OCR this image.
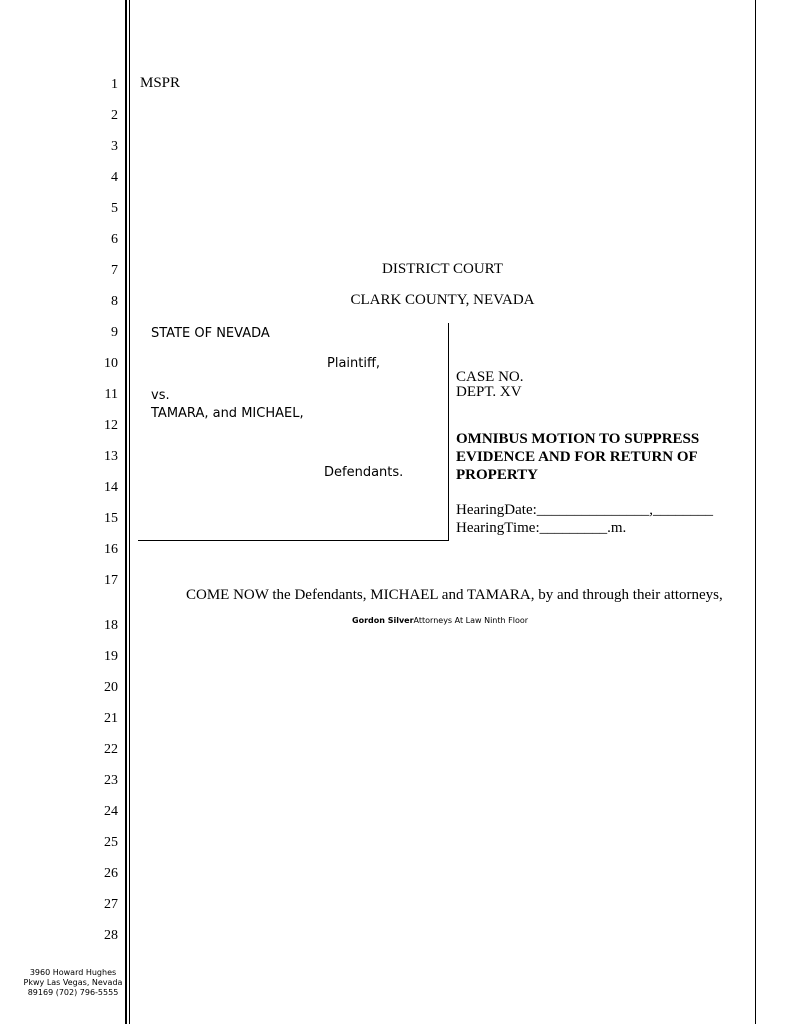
1
2
3
4
5
6
7
8
9
10
11
12
13
14
15
16
17
18
19
20
21
22
23
24
25
26
27
28
MSPR
DISTRICT COURT
CLARK COUNTY, NEVADA
STATE OF NEVADA
Plaintiff,
vs.
TAMARA, and MICHAEL,
Defendants.
CASE NO.
DEPT. XV
OMNIBUS MOTION TO SUPPRESS
EVIDENCE AND FOR RETURN OF
PROPERTY
HearingDate:_______________,________
HearingTime:_________.m.
COME NOW the Defendants, MICHAEL and TAMARA, by and through their attorneys,
Gordon SilverAttorneys At Law Ninth Floor
3960 Howard Hughes
Pkwy Las Vegas, Nevada
89169 (702) 796-5555
